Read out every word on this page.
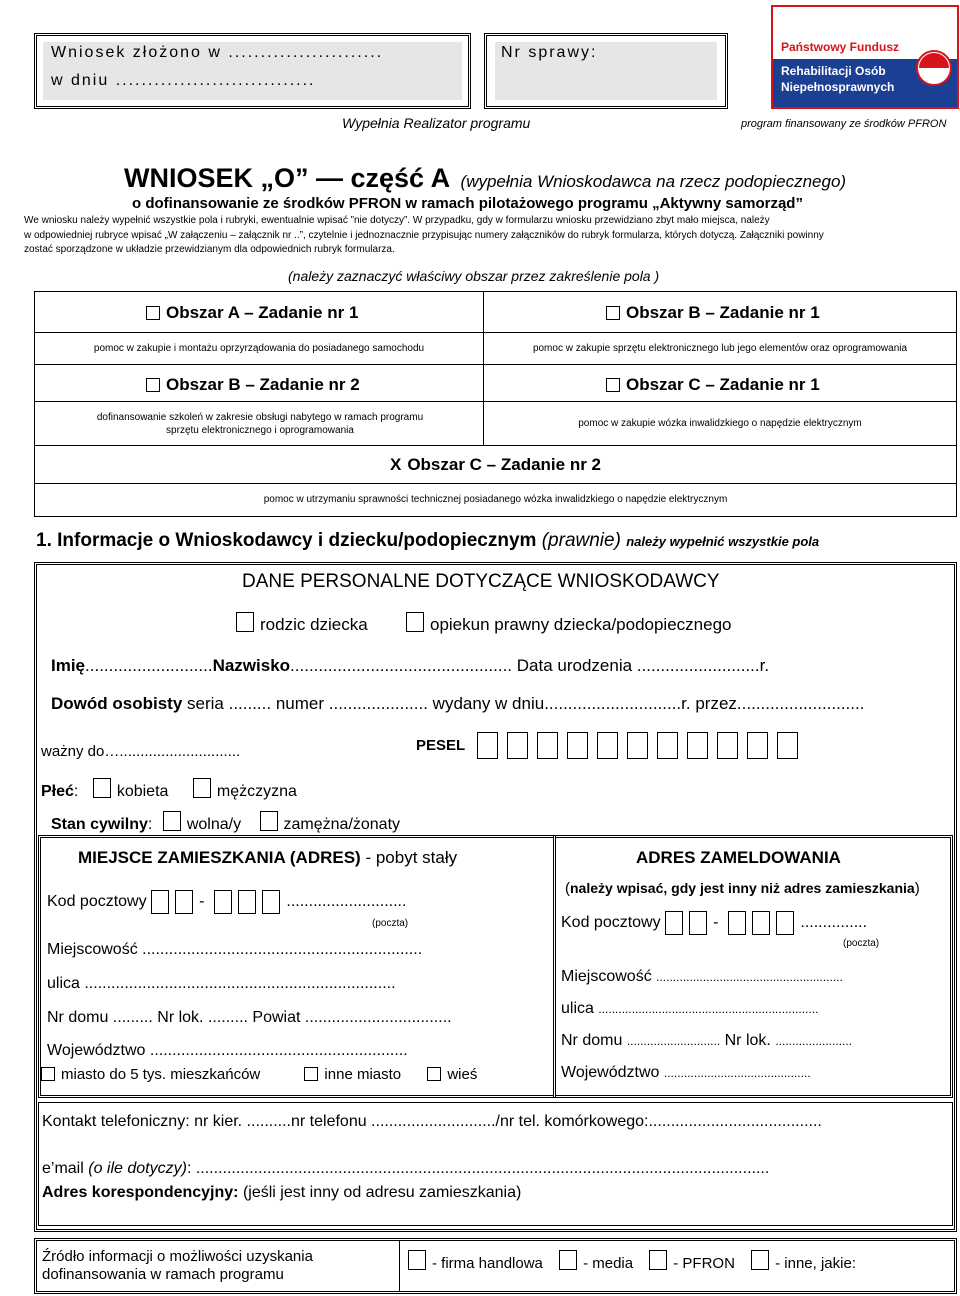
Wniosek złożono w ........................
w dniu ...............................
Nr sprawy:	Państwowy Fundusz
Rehabilitacji Osób
Niepełnosprawnych
Wypełnia Realizator programu	program finansowany ze środków PFRON
WNIOSEK „O” — część A (wypełnia Wnioskodawca na rzecz podopiecznego)
o dofinansowanie ze środków PFRON w ramach pilotażowego programu „Aktywny samorząd”
We wniosku należy wypełnić wszystkie pola i rubryki, ewentualnie wpisać ”nie dotyczy”. W przypadku, gdy w formularzu wniosku przewidziano zbyt mało miejsca, należy
w odpowiedniej rubryce wpisać „W załączeniu – załącznik nr ..”, czytelnie i jednoznacznie przypisując numery załączników do rubryk formularza, których dotyczą. Załączniki powinny
zostać sporządzone w układzie przewidzianym dla odpowiednich rubryk formularza.
(należy zaznaczyć właściwy obszar przez zakreślenie pola )
Obszar A – Zadanie nr 1	Obszar B – Zadanie nr 1
pomoc w zakupie i montażu oprzyrządowania do posiadanego samochodu	pomoc w zakupie sprzętu elektronicznego lub jego elementów oraz oprogramowania
Obszar B – Zadanie nr 2	Obszar C – Zadanie nr 1
dofinansowanie szkoleń w zakresie obsługi nabytego w ramach programu sprzętu elektronicznego i oprogramowania
pomoc w zakupie wózka inwalidzkiego o napędzie elektrycznym
X Obszar C – Zadanie nr 2
pomoc w utrzymaniu sprawności technicznej posiadanego wózka inwalidzkiego o napędzie elektrycznym
1. Informacje o Wnioskodawcy i dziecku/podopiecznym (prawnie) należy wypełnić wszystkie pola
DANE PERSONALNE DOTYCZĄCE WNIOSKODAWCY
rodzic dziecka	opiekun prawny dziecka/podopiecznego
Imię...........................Nazwisko............................................... Data urodzenia ..........................r.
Dowód osobisty seria ......... numer ..................... wydany w dniu.............................r. przez...........................
ważny do….............................	PESEL
Płeć: kobieta	mężczyzna
Stan cywilny: wolna/y	zamężna/żonaty
MIEJSCE ZAMIESZKANIA (ADRES) - pobyt stały
Kod pocztowy	-	...........................
(poczta)
Miejscowość ...............................................................
ulica ......................................................................
Nr domu ......... Nr lok. ......... Powiat .................................
Województwo ..........................................................
miasto do 5 tys. mieszkańców	inne miasto	wieś
ADRES ZAMELDOWANIA
(należy wpisać, gdy jest inny niż adres zamieszkania)
Kod pocztowy	-	...............
(poczta)
Miejscowość ........................................................
ulica ..................................................................
Nr domu ............................ Nr lok. .......................
Województwo ............................................
Kontakt telefoniczny: nr kier. ..........nr telefonu ............................/nr tel. komórkowego:.......................................
e’mail (o ile dotyczy): .................................................................................................................................
Adres korespondencyjny: (jeśli jest inny od adresu zamieszkania)
Źródło informacji o możliwości uzyskania dofinansowania w ramach programu
- firma handlowa	- media	- PFRON	- inne, jakie:
